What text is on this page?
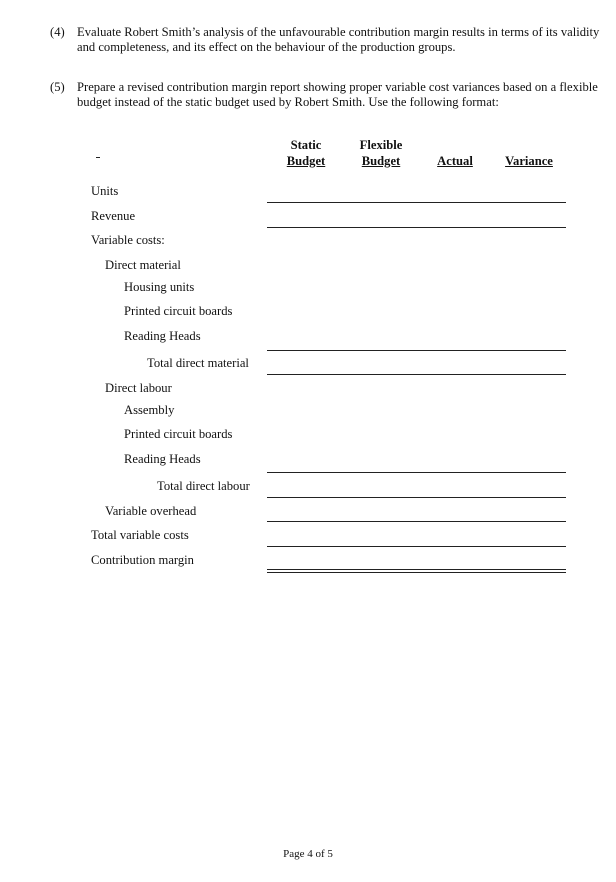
(4) Evaluate Robert Smith’s analysis of the unfavourable contribution margin results in terms of its validity and completeness, and its effect on the behaviour of the production groups.
(5) Prepare a revised contribution margin report showing proper variable cost variances based on a flexible budget instead of the static budget used by Robert Smith. Use the following format:
Static
Budget
Flexible
Budget	Actual	Variance
Units
Revenue
Variable costs:
Direct material
Housing units
Printed circuit boards
Reading Heads
Total direct material
Direct labour
Assembly
Printed circuit boards
Reading Heads
Total direct labour
Variable overhead
Total variable costs
Contribution margin
Page 4 of 5
